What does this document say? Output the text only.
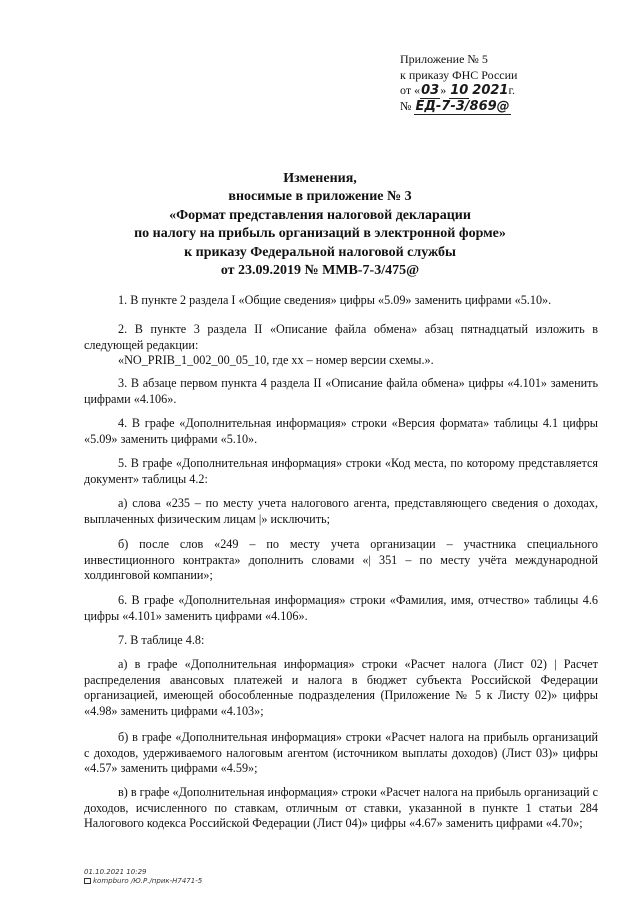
Приложение № 5
к приказу ФНС России
от «03» 10 2021г.
№ ЕД-7-3/869@
Изменения,
вносимые в приложение № 3
«Формат представления налоговой декларации
по налогу на прибыль организаций в электронной форме»
к приказу Федеральной налоговой службы
от 23.09.2019 № ММВ-7-3/475@
1. В пункте 2 раздела I «Общие сведения» цифры «5.09» заменить цифрами «5.10».
2. В пункте 3 раздела II «Описание файла обмена» абзац пятнадцатый изложить в следующей редакции:
«NO_PRIB_1_002_00_05_10, где хх – номер версии схемы.».
3. В абзаце первом пункта 4 раздела II «Описание файла обмена» цифры «4.101» заменить цифрами «4.106».
4. В графе «Дополнительная информация» строки «Версия формата» таблицы 4.1 цифры «5.09» заменить цифрами «5.10».
5. В графе «Дополнительная информация» строки «Код места, по которому представляется документ» таблицы 4.2:
а) слова «235 – по месту учета налогового агента, представляющего сведения о доходах, выплаченных физическим лицам |» исключить;
б) после слов «249 – по месту учета организации – участника специального инвестиционного контракта» дополнить словами «| 351 – по месту учёта международной холдинговой компании»;
6. В графе «Дополнительная информация» строки «Фамилия, имя, отчество» таблицы 4.6 цифры «4.101» заменить цифрами «4.106».
7. В таблице 4.8:
а) в графе «Дополнительная информация» строки «Расчет налога (Лист 02) | Расчет распределения авансовых платежей и налога в бюджет субъекта Российской Федерации организацией, имеющей обособленные подразделения (Приложение № 5 к Листу 02)» цифры «4.98» заменить цифрами «4.103»;
б) в графе «Дополнительная информация» строки «Расчет налога на прибыль организаций с доходов, удерживаемого налоговым агентом (источником выплаты доходов) (Лист 03)» цифры «4.57» заменить цифрами «4.59»;
в) в графе «Дополнительная информация» строки «Расчет налога на прибыль организаций с доходов, исчисленного по ставкам, отличным от ставки, указанной в пункте 1 статьи 284 Налогового кодекса Российской Федерации (Лист 04)» цифры «4.67» заменить цифрами «4.70»;
01.10.2021 10:29
kompburo /Ю.Р./прик-Н7471-5
